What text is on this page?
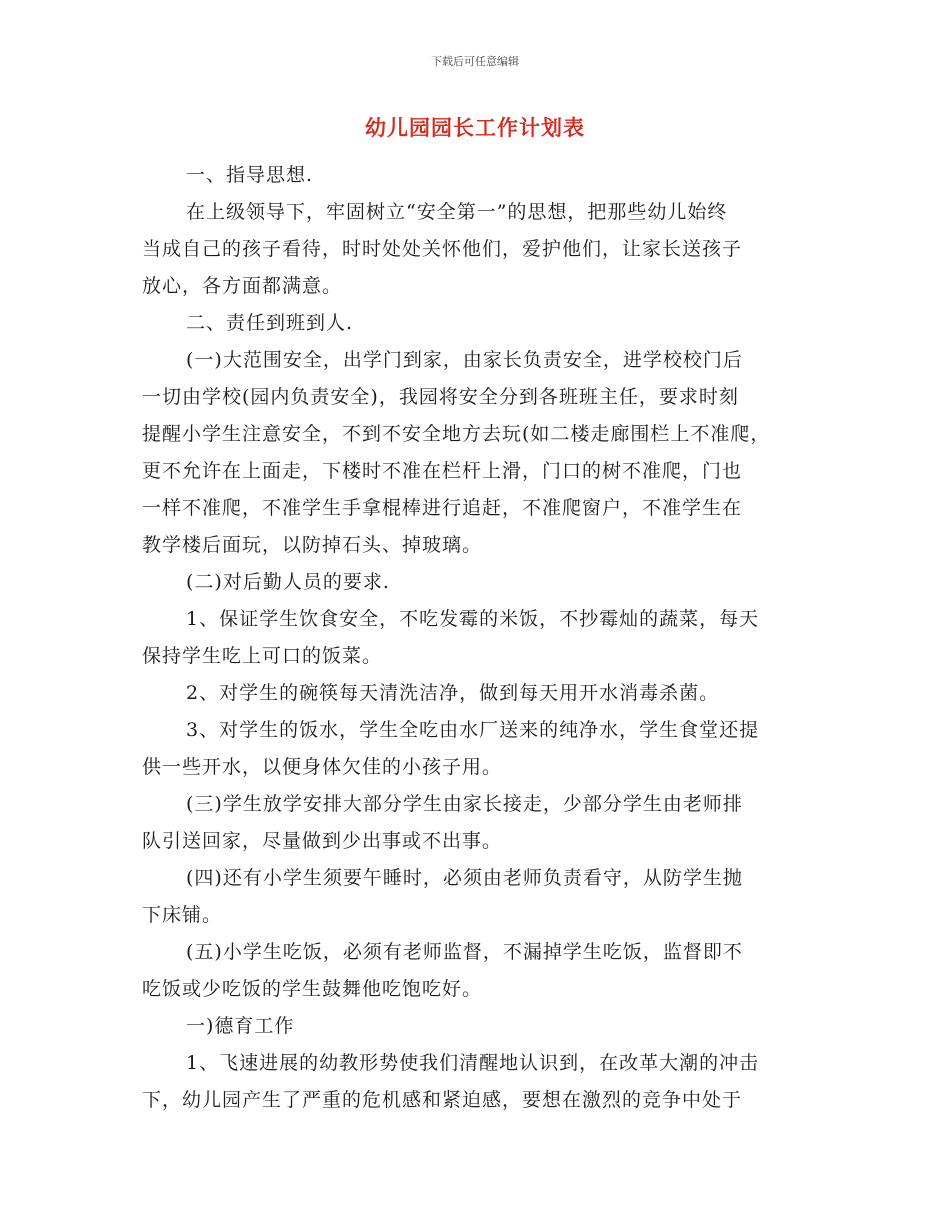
下载后可任意编辑
幼儿园园长工作计划表
一、指导思想.
在上级领导下，牢固树立“安全第一”的思想，把那些幼儿始终
当成自己的孩子看待，时时处处关怀他们，爱护他们，让家长送孩子
放心，各方面都满意。
二、责任到班到人.
(一)大范围安全，出学门到家，由家长负责安全，进学校校门后
一切由学校(园内负责安全)，我园将安全分到各班班主任，要求时刻
提醒小学生注意安全，不到不安全地方去玩(如二楼走廊围栏上不准爬，
更不允许在上面走，下楼时不准在栏杆上滑，门口的树不准爬，门也
一样不准爬，不准学生手拿棍棒进行追赶，不准爬窗户，不准学生在
教学楼后面玩，以防掉石头、掉玻璃。
(二)对后勤人员的要求.
1、保证学生饮食安全，不吃发霉的米饭，不抄霉灿的蔬菜，每天
保持学生吃上可口的饭菜。
2、对学生的碗筷每天清洗洁净，做到每天用开水消毒杀菌。
3、对学生的饭水，学生全吃由水厂送来的纯净水，学生食堂还提
供一些开水，以便身体欠佳的小孩子用。
(三)学生放学安排大部分学生由家长接走，少部分学生由老师排
队引送回家，尽量做到少出事或不出事。
(四)还有小学生须要午睡时，必须由老师负责看守，从防学生抛
下床铺。
(五)小学生吃饭，必须有老师监督，不漏掉学生吃饭，监督即不
吃饭或少吃饭的学生鼓舞他吃饱吃好。
一)德育工作
1、飞速进展的幼教形势使我们清醒地认识到，在改革大潮的冲击
下，幼儿园产生了严重的危机感和紧迫感，要想在激烈的竞争中处于
